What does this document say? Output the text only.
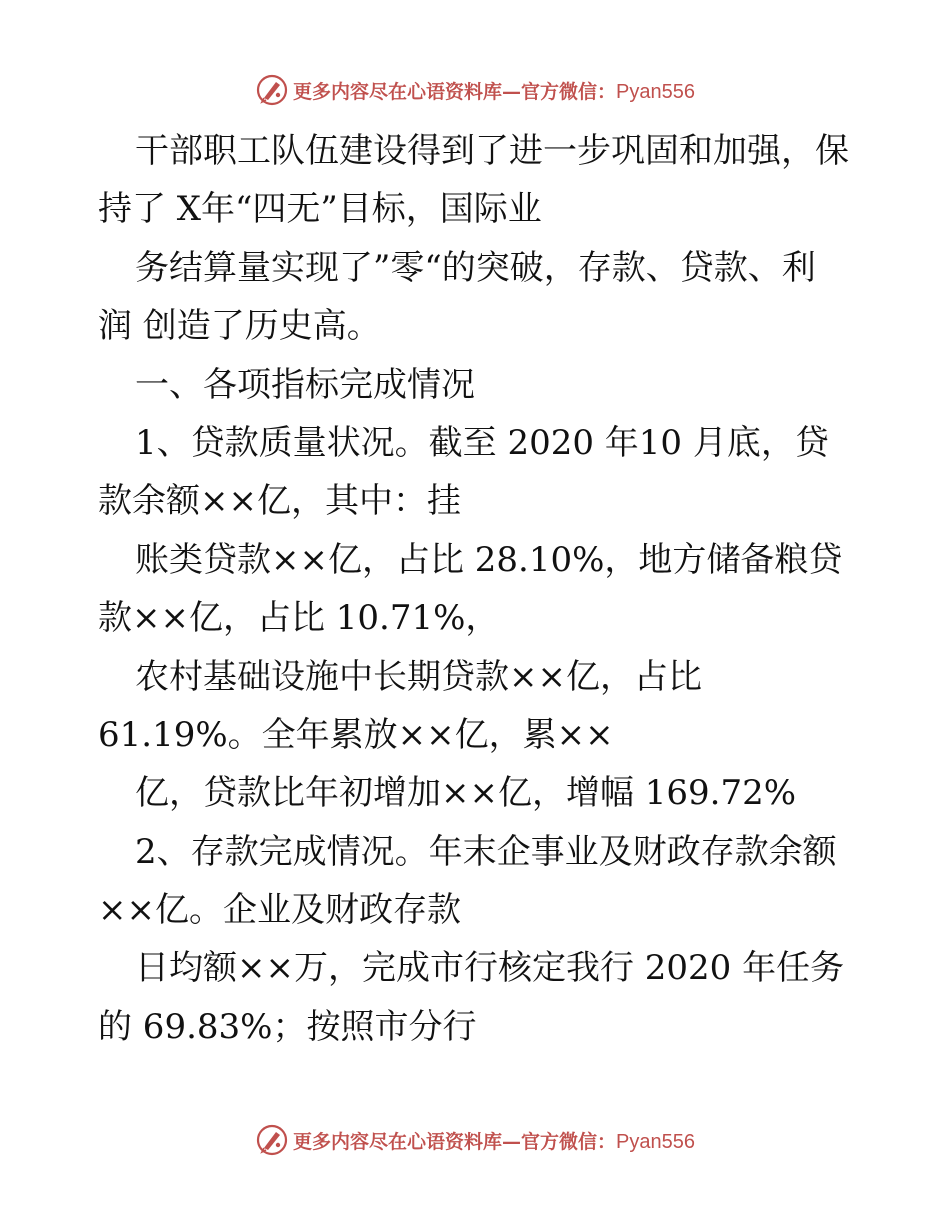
更多内容尽在心语资料库—官方微信：Pyan556
干部职工队伍建设得到了进一步巩固和加强，保
持了 X年“四无”目标，国际业
务结算量实现了”零“的突破，存款、贷款、利
润 创造了历史高。
一、各项指标完成情况
1、贷款质量状况。截至 2020 年10 月底，贷
款余额××亿，其中：挂
账类贷款××亿，占比 28.10%，地方储备粮贷
款××亿，占比 10.71%，
农村基础设施中长期贷款××亿，占比
61.19%。全年累放××亿，累××
亿，贷款比年初增加××亿，增幅 169.72%
2、存款完成情况。年末企事业及财政存款余额
××亿。企业及财政存款
日均额××万，完成市行核定我行 2020 年任务
的 69.83%；按照市分行
更多内容尽在心语资料库—官方微信：Pyan556
